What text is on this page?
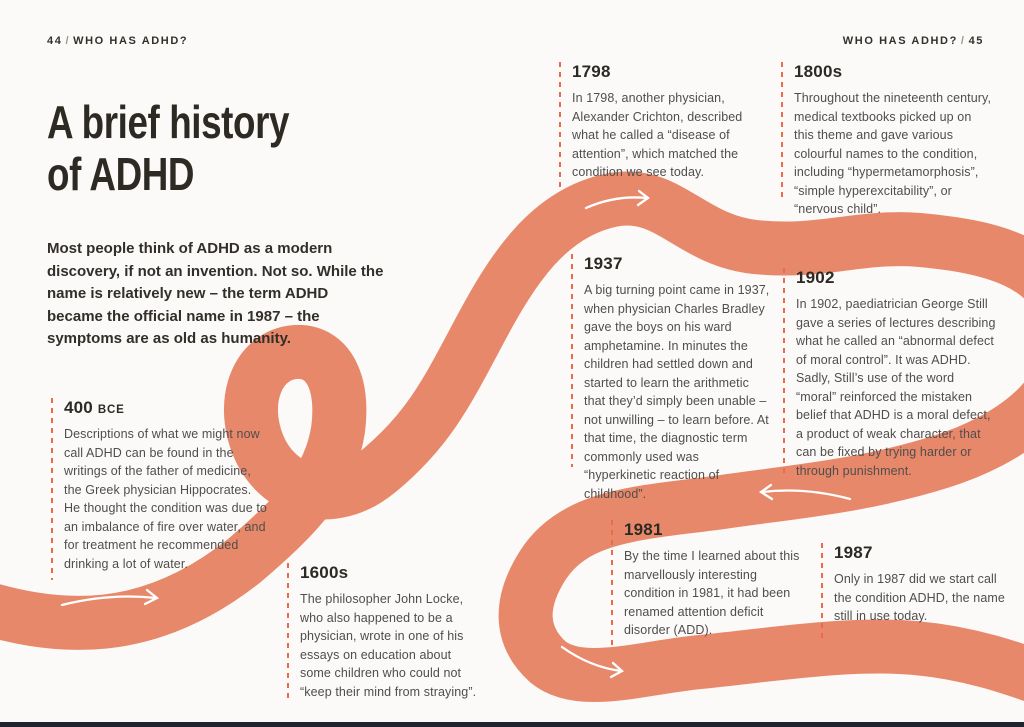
44 / WHO HAS ADHD?	WHO HAS ADHD? / 45
A brief history
of ADHD
Most people think of ADHD as a modern discovery, if not an invention. Not so. While the name is relatively new – the term ADHD became the official name in 1987 – the symptoms are as old as humanity.
400 BCE

Descriptions of what we might now call ADHD can be found in the writings of the father of medicine, the Greek physician Hippocrates. He thought the condition was due to an imbalance of fire over water, and for treatment he recommended drinking a lot of water.	1600s

The philosopher John Locke, who also happened to be a physician, wrote in one of his essays on education about some children who could not “keep their mind from straying”.

1798

In 1798, another physician, Alexander Crichton, described what he called a “disease of attention”, which matched the condition we see today.

1800s

Throughout the nineteenth century, medical textbooks picked up on this theme and gave various colourful names to the condition, including “hypermetamorphosis”, “simple hyperexcitability”, or “nervous child”.

1937

A big turning point came in 1937, when physician Charles Bradley gave the boys on his ward amphetamine. In minutes the children had settled down and started to learn the arithmetic that they’d simply been unable – not unwilling – to learn before. At that time, the diagnostic term commonly used was “hyperkinetic reaction of childhood”.

1902

In 1902, paediatrician George Still gave a series of lectures describing what he called an “abnormal defect of moral control”. It was ADHD. Sadly, Still’s use of the word “moral” reinforced the mistaken belief that ADHD is a moral defect, a product of weak character, that can be fixed by trying harder or through punishment.

1981

By the time I learned about this marvellously interesting condition in 1981, it had been renamed attention deficit disorder (ADD).

1987

Only in 1987 did we start call the condition ADHD, the name still in use today.
